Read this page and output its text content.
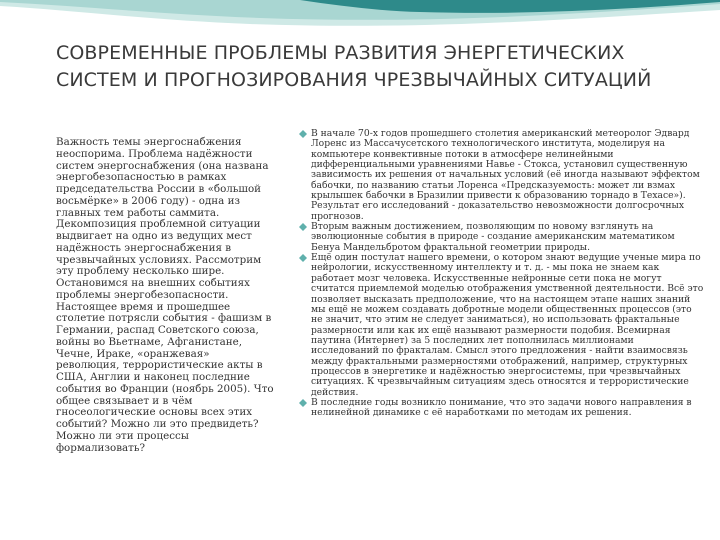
СОВРЕМЕННЫЕ ПРОБЛЕМЫ РАЗВИТИЯ ЭНЕРГЕТИЧЕСКИХ СИСТЕМ И ПРОГНОЗИРОВАНИЯ ЧРЕЗВЫЧАЙНЫХ СИТУАЦИЙ
Важность темы энергоснабжения неоспорима. Проблема надёжности систем энергоснабжения (она названа энергобезопасностью в рамках председательства России в «большой восьмёрке» в 2006 году) - одна из главных тем работы саммита. Декомпозиция проблемной ситуации выдвигает на одно из ведущих мест надёжность энергоснабжения в чрезвычайных условиях. Рассмотрим эту проблему несколько шире. Остановимся на внешних событиях проблемы энергобезопасности. Настоящее время и прошедшее столетие потрясли события - фашизм в Германии, распад Советского союза, войны во Вьетнаме, Афганистане, Чечне, Ираке, «оранжевая» революция, террористические акты в США, Англии и наконец последние события во Франции (ноябрь 2005). Что общее связывает и в чём гносеологические основы всех этих событий? Можно ли это предвидеть? Можно ли эти процессы формализовать?
В начале 70-х годов прошедшего столетия американский метеоролог Эдвард Лоренс из Массачусетского технологического института, моделируя на компьютере конвективные потоки в атмосфере нелинейными дифференциальными уравнениями Навье - Стокса, установил существенную зависимость их решения от начальных условий (её иногда называют эффектом бабочки, по названию статьи Лоренса «Предсказуемость: может ли взмах крылышек бабочки в Бразилии привести к образованию торнадо в Техасе»). Результат его исследований - доказательство невозможности долгосрочных прогнозов.
Вторым важным достижением, позволяющим по новому взглянуть на эволюционные события в природе - создание американским математиком Бенуа Мандельбротом фрактальной геометрии природы.
Ещё один постулат нашего времени, о котором знают ведущие ученые мира по нейрологии, искусственному интеллекту и т. д. - мы пока не знаем как работает мозг человека. Искусственные нейронные сети пока не могут считатся приемлемой моделью отображения умственной деятельности. Всё это позволяет высказать предположение, что на настоящем этапе наших знаний мы ещё не можем создавать добротные модели общественных процессов (это не значит, что этим не следует заниматься), но использовать фрактальные размерности или как их ещё называют размерности подобия. Всемирная паутина (Интернет) за 5 последних лет пополнилась миллионами исследований по фракталам. Смысл этого предложения - найти взаимосвязь между фрактальными размерностями отображений, например, структурных процессов в энергетике и надёжностью энергосистемы, при чрезвычайных ситуациях. К чрезвычайным ситуациям здесь относятся и террористические действия.
В последние годы возникло понимание, что это задачи нового направления в нелинейной динамике с её наработками по методам их решения.
